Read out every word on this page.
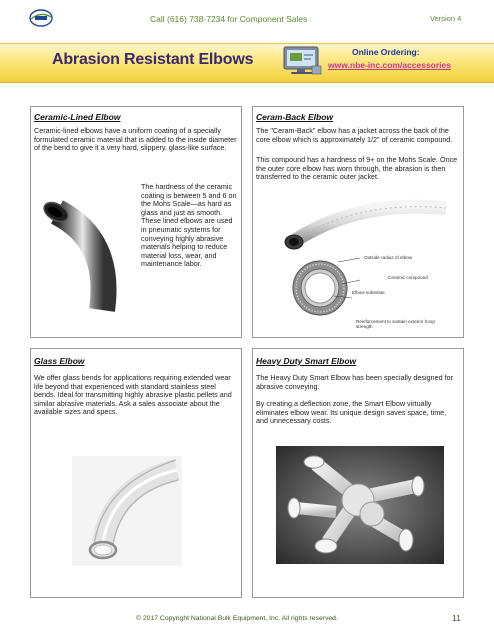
Call (616) 738-7234 for Component Sales	Version 4
Abrasion Resistant Elbows	Online Ordering:
www.nbe-inc.com/accessories
Ceramic-Lined Elbow
Ceramic-lined elbows have a uniform coating of a specially formulated ceramic material that is added to the inside diameter of the bend to give it a very hard, slippery, glass-like surface.
The hardness of the ceramic coating is between 5 and 6 on the Mohs Scale—as hard as glass and just as smooth. These lined elbows are used in pneumatic systems for conveying highly abrasive materials helping to reduce material loss, wear, and maintenance labor.
Ceram-Back Elbow
The "Ceram-Back" elbow has a jacket across the back of the core elbow which is approximately 1/2" of ceramic compound.
This compound has a hardness of 9+ on the Mohs Scale. Once the outer core elbow has worn through, the abrasion is then transferred to the ceramic outer jacket.
Outside radius of elbow
Ceramic compound
Elbow substrate
Reinforcement to sustain exterior hoop strength
Glass Elbow
We offer glass bends for applications requiring extended wear life beyond that experienced with standard stainless steel bends. Ideal for transmitting highly abrasive plastic pellets and similar abrasive materials. Ask a sales associate about the available sizes and specs.
Heavy Duty Smart Elbow
The Heavy Duty Smart Elbow has been specially designed for abrasive conveying.
By creating a deflection zone, the Smart Elbow virtually eliminates elbow wear. Its unique design saves space, time, and unnecessary costs.
© 2017 Copyright National Bulk Equipment, Inc. All rights reserved.	11
